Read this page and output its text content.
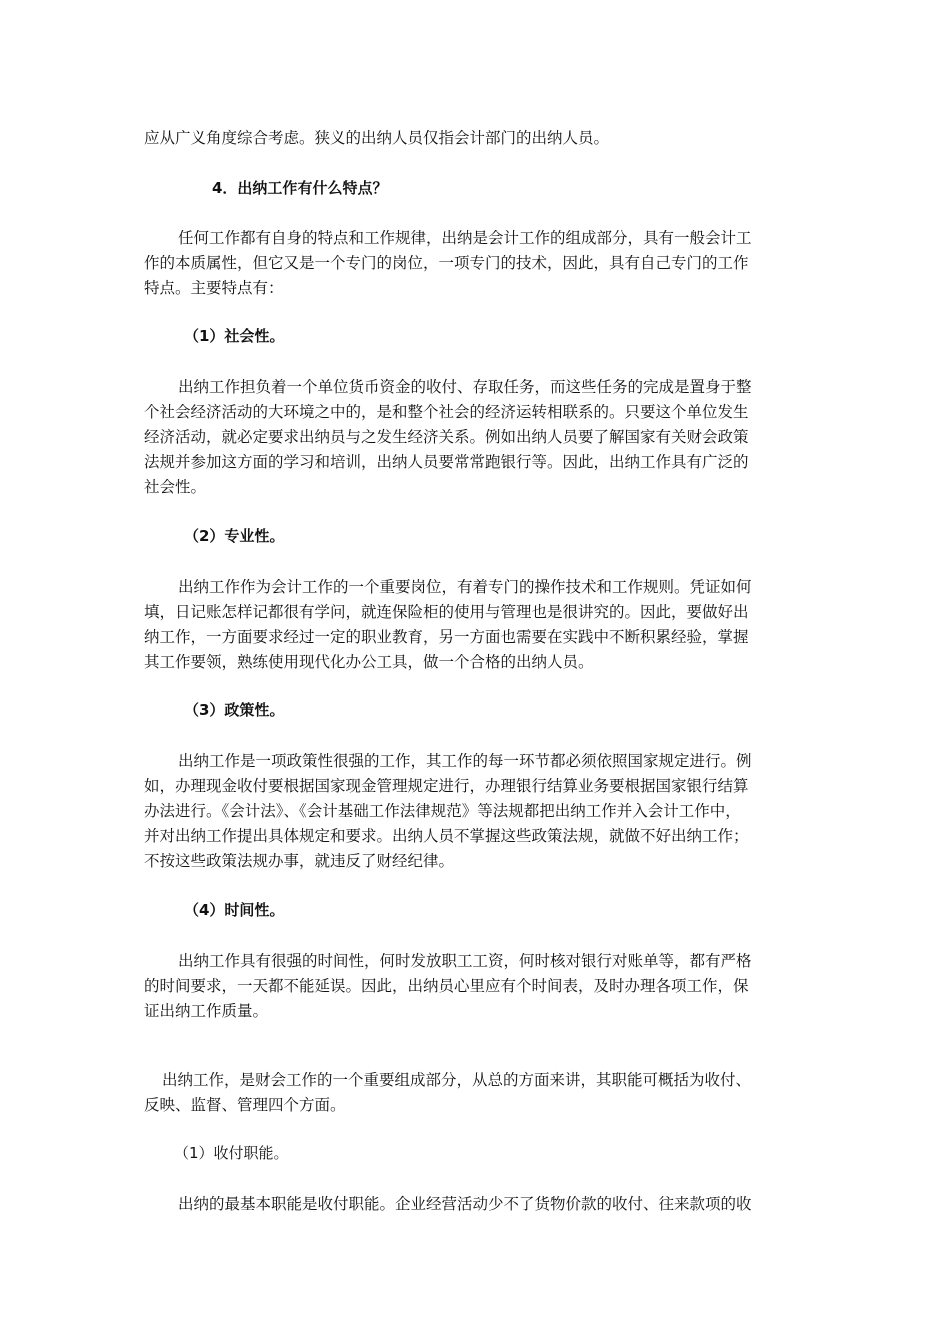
应从广义角度综合考虑。狭义的出纳人员仅指会计部门的出纳人员。
4．出纳工作有什么特点？
任何工作都有自身的特点和工作规律，出纳是会计工作的组成部分，具有一般会计工
作的本质属性，但它又是一个专门的岗位，一项专门的技术，因此，具有自己专门的工作
特点。主要特点有：
（1）社会性。
出纳工作担负着一个单位货币资金的收付、存取任务，而这些任务的完成是置身于整
个社会经济活动的大环境之中的，是和整个社会的经济运转相联系的。只要这个单位发生
经济活动，就必定要求出纳员与之发生经济关系。例如出纳人员要了解国家有关财会政策
法规并参加这方面的学习和培训，出纳人员要常常跑银行等。因此，出纳工作具有广泛的
社会性。
（2）专业性。
出纳工作作为会计工作的一个重要岗位，有着专门的操作技术和工作规则。凭证如何
填，日记账怎样记都很有学问，就连保险柜的使用与管理也是很讲究的。因此，要做好出
纳工作，一方面要求经过一定的职业教育，另一方面也需要在实践中不断积累经验，掌握
其工作要领，熟练使用现代化办公工具，做一个合格的出纳人员。
（3）政策性。
出纳工作是一项政策性很强的工作，其工作的每一环节都必须依照国家规定进行。例
如，办理现金收付要根据国家现金管理规定进行，办理银行结算业务要根据国家银行结算
办法进行。《会计法》、《会计基础工作法律规范》等法规都把出纳工作并入会计工作中，
并对出纳工作提出具体规定和要求。出纳人员不掌握这些政策法规，就做不好出纳工作；
不按这些政策法规办事，就违反了财经纪律。
（4）时间性。
出纳工作具有很强的时间性，何时发放职工工资，何时核对银行对账单等，都有严格
的时间要求，一天都不能延误。因此，出纳员心里应有个时间表，及时办理各项工作，保
证出纳工作质量。
出纳工作，是财会工作的一个重要组成部分，从总的方面来讲，其职能可概括为收付、
反映、监督、管理四个方面。
（1）收付职能。
出纳的最基本职能是收付职能。企业经营活动少不了货物价款的收付、往来款项的收
